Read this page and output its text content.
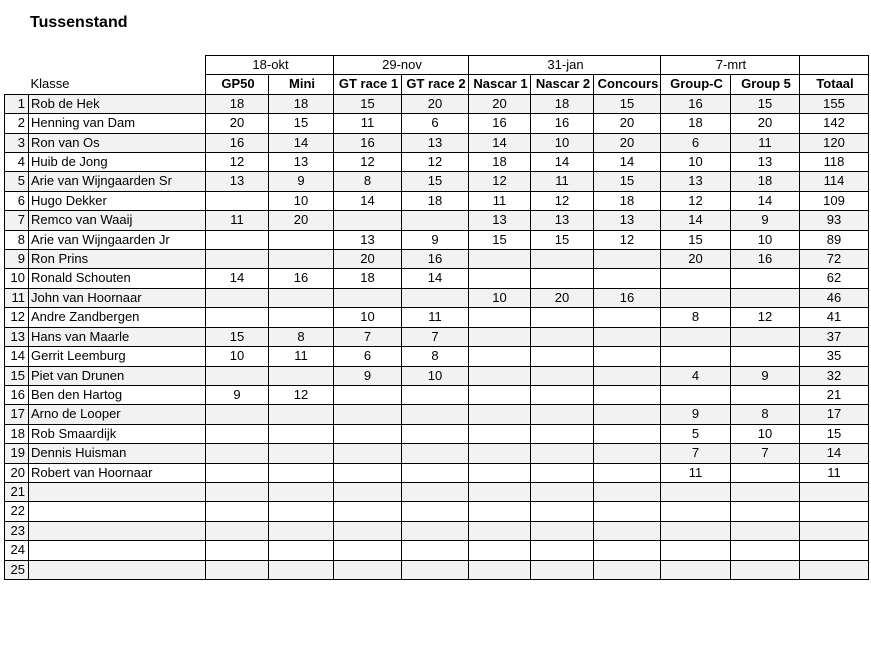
Tussenstand
		18-okt		29-nov		31-jan			7-mrt		
	Klasse	GP50	Mini	GT race 1	GT race 2	Nascar 1	Nascar 2	Concours	Group-C	Group 5	Totaal
1	Rob de Hek	18	18	15	20	20	18	15	16	15	155
2	Henning van Dam	20	15	11	6	16	16	20	18	20	142
3	Ron van Os	16	14	16	13	14	10	20	6	11	120
4	Huib de Jong	12	13	12	12	18	14	14	10	13	118
5	Arie van Wijngaarden Sr	13	9	8	15	12	11	15	13	18	114
6	Hugo Dekker		10	14	18	11	12	18	12	14	109
7	Remco van Waaij	11	20			13	13	13	14	9	93
8	Arie van Wijngaarden Jr			13	9	15	15	12	15	10	89
9	Ron Prins			20	16				20	16	72
10	Ronald Schouten	14	16	18	14						62
11	John van Hoornaar					10	20	16			46
12	Andre Zandbergen			10	11				8	12	41
13	Hans van Maarle	15	8	7	7						37
14	Gerrit Leemburg	10	11	6	8						35
15	Piet van Drunen			9	10				4	9	32
16	Ben den Hartog	9	12								21
17	Arno de Looper								9	8	17
18	Rob Smaardijk								5	10	15
19	Dennis Huisman								7	7	14
20	Robert van Hoornaar								11		11
21											
22											
23											
24											
25											
